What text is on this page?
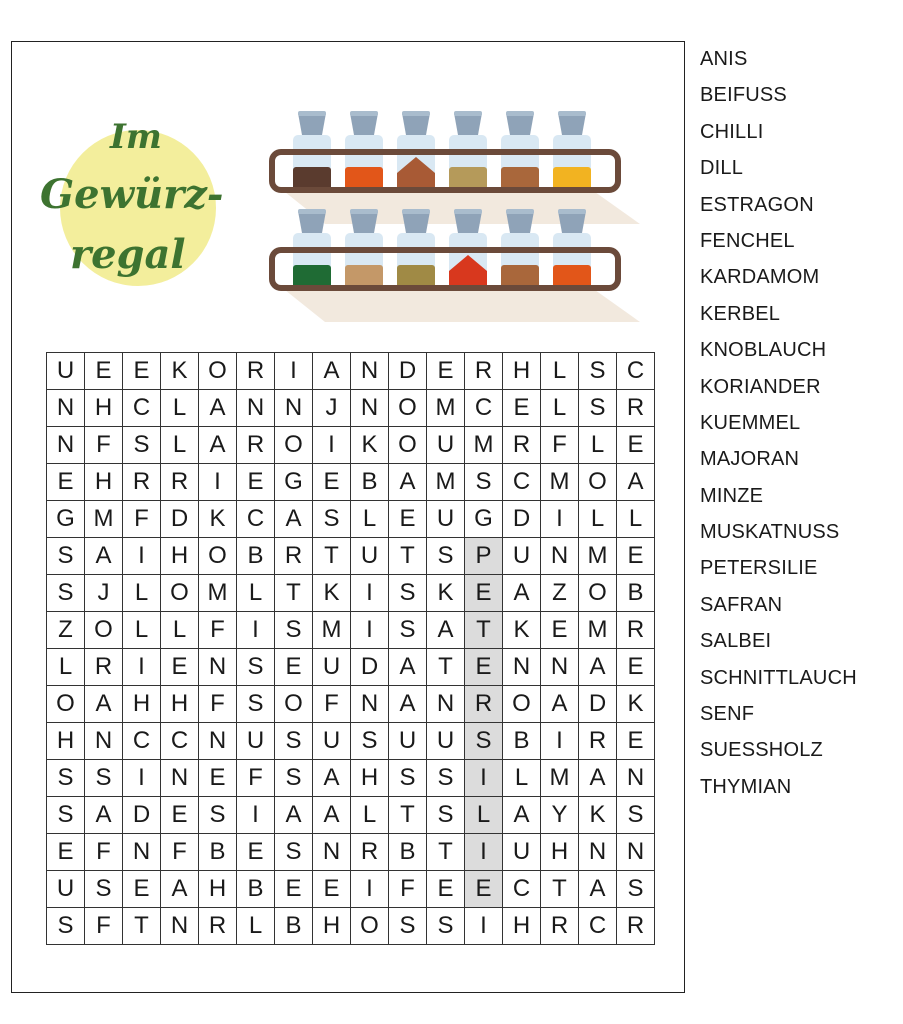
Im
Gewürz-
regal
U E E K O R	I	A N D E R H L S C
N H C L A N N J N O M C E L S R
N F S L A R O	I	K O U M R F L E
E H R R	I	E G E B A M S C M O A
G M F D K C A S L E U G D	I	L	L
S A	I	H O B R T U T S P U N M E
S	J	L O M L T K	I	S K E A Z O B
Z O L	L F	I	S M	I	S A T K E M R
L R	I	E N S E U D A T E N N A E
O A H H F S O F N A N R O A D K
H N C C N U S U S U U S B	I	R E
S S	I	N E F S A H S S	I	L M A N
S A D E S	I	A A L T S L A Y K S
E F N F B E S N R B T	I	U H N N
U S E A H B E E	I	F E E C T A S
S F T N R L B H O S S	I	H R C R
ANIS
BEIFUSS
CHILLI
DILL
ESTRAGON
FENCHEL
KARDAMOM
KERBEL
KNOBLAUCH
KORIANDER
KUEMMEL
MAJORAN
MINZE
MUSKATNUSS
PETERSILIE
SAFRAN
SALBEI
SCHNITTLAUCH
SENF
SUESSHOLZ
THYMIAN
